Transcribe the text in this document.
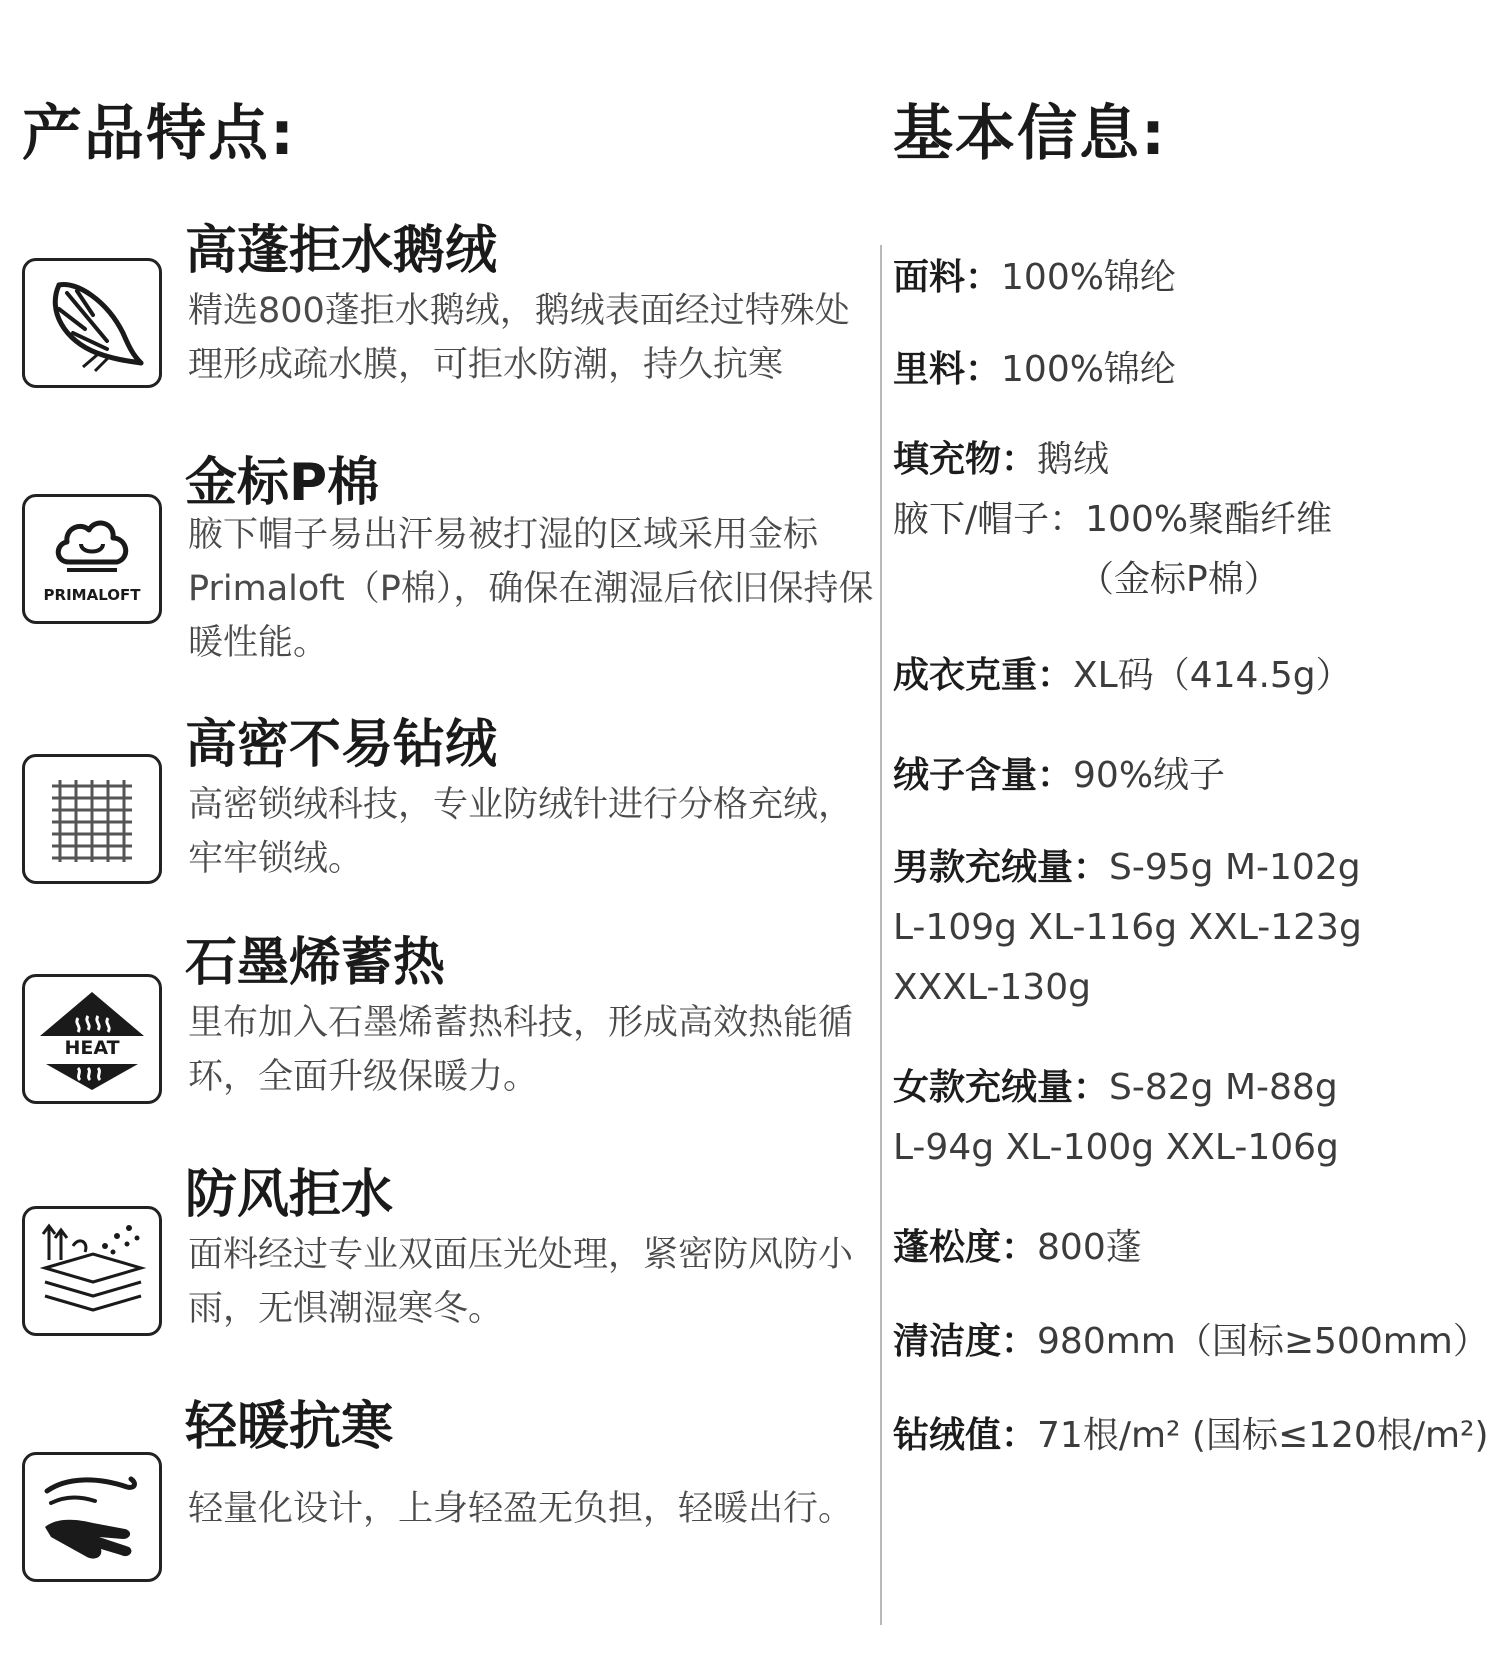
产品特点:	基本信息:
高蓬拒水鹅绒
精选800蓬拒水鹅绒，鹅绒表面经过特殊处理形成疏水膜，可拒水防潮，持久抗寒
PRIMALOFT
金标P棉
腋下帽子易出汗易被打湿的区域采用金标Primaloft（P棉），确保在潮湿后依旧保持保暖性能。
高密不易钻绒
高密锁绒科技，专业防绒针进行分格充绒，牢牢锁绒。
HEAT
石墨烯蓄热
里布加入石墨烯蓄热科技，形成高效热能循环，全面升级保暖力。
防风拒水
面料经过专业双面压光处理，紧密防风防小雨，无惧潮湿寒冬。
轻暖抗寒
轻量化设计，上身轻盈无负担，轻暖出行。
面料：100%锦纶
里料：100%锦纶
填充物：鹅绒
腋下/帽子：100%聚酯纤维
（金标P棉）
成衣克重：XL码（414.5g）
绒子含量：90%绒子
男款充绒量：S-95g M-102g
L-109g XL-116g XXL-123g
XXXL-130g
女款充绒量：S-82g M-88g
L-94g XL-100g XXL-106g
蓬松度：800蓬
清洁度：980mm（国标≥500mm）
钻绒值：71根/m² (国标≤120根/m²)
